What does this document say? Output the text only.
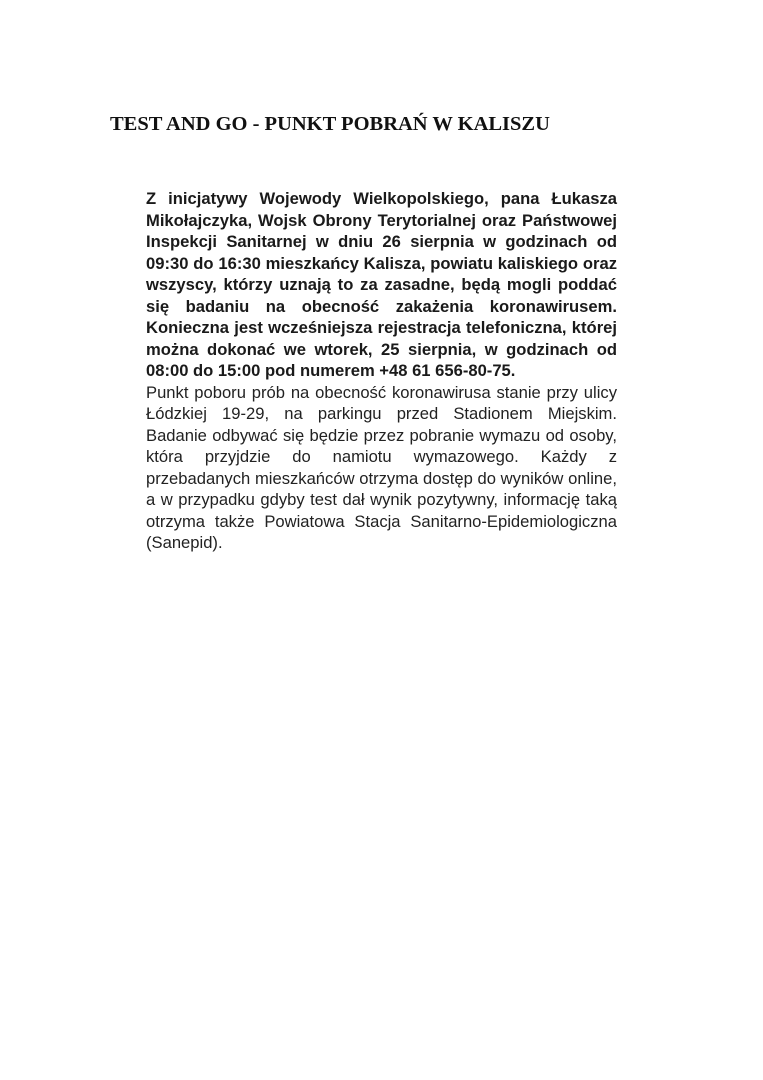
TEST AND GO - PUNKT POBRAŃ W KALISZU

Z inicjatywy Wojewody Wielkopolskiego, pana Łukasza Mikołajczyka, Wojsk Obrony Terytorialnej oraz Państwowej Inspekcji Sanitarnej w dniu 26 sierpnia w godzinach od 09:30 do 16:30 mieszkańcy Kalisza, powiatu kaliskiego oraz wszyscy, którzy uznają to za zasadne, będą mogli poddać się badaniu na obecność zakażenia koronawirusem. Konieczna jest wcześniejsza rejestracja telefoniczna, której można dokonać we wtorek, 25 sierpnia, w godzinach od 08:00 do 15:00 pod numerem +48 61 656-80-75.

Punkt poboru prób na obecność koronawirusa stanie przy ulicy Łódzkiej 19-29, na parkingu przed Stadionem Miejskim. Badanie odbywać się będzie przez pobranie wymazu od osoby, która przyjdzie do namiotu wymazowego. Każdy z przebadanych mieszkańców otrzyma dostęp do wyników online, a w przypadku gdyby test dał wynik pozytywny, informację taką otrzyma także Powiatowa Stacja Sanitarno-Epidemiologiczna (Sanepid).
